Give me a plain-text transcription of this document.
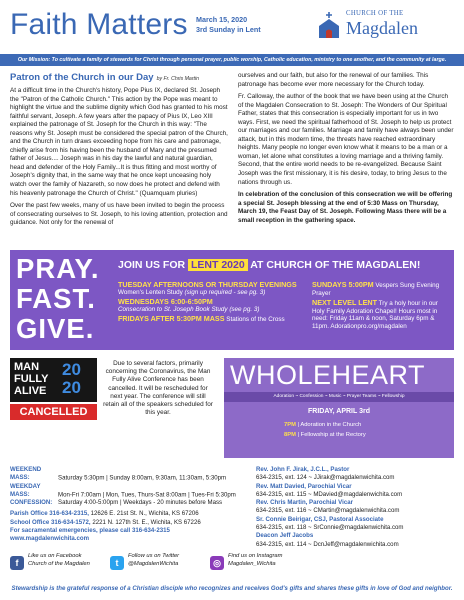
Faith Matters March 15, 2020
3rd Sunday in Lent
CHURCH OF THE
Magdalen
Our Mission: To cultivate a family of stewards for Christ through personal prayer, public worship, Catholic education, ministry to one another, and the community at large.
Patron of the Church in our Day by Fr. Chris Martin

At a difficult time in the Church's history, Pope Pius IX, declared St. Joseph the "Patron of the Catholic Church." This action by the Pope was meant to highlight the virtue and the sublime dignity which God has granted to his most faithful servant, Joseph. A few years after the papacy of Pius IX, Leo XIII explained the patronage of St. Joseph for the Church in this way: "The reasons why St. Joseph must be considered the special patron of the Church, and the Church in turn draws exceeding hope from his care and patronage, chiefly arise from his having been the husband of Mary and the presumed father of Jesus.... Joseph was in his day the lawful and natural guardian, head and defender of the Holy Family...It is thus fitting and most worthy of Joseph's dignity that, in the same way that he once kept unceasing holy watch over the family of Nazareth, so now does he protect and defend with his heavenly patronage the Church of Christ." (Quamquam pluries)

Over the past few weeks, many of us have been invited to begin the process of consecrating ourselves to St. Joseph, to his loving attention, protection and guidance. Not only for the renewal of

ourselves and our faith, but also for the renewal of our families. This patronage has become ever more necessary for the Church today.

Fr. Calloway, the author of the book that we have been using at the Church of the Magdalen Consecration to St. Joseph: The Wonders of Our Spiritual Father, states that this consecration is especially important for us in two ways. First, we need the spiritual fatherhood of St. Joseph to help us protect our marriages and our families. Marriage and family have always been under attack, but in this modern time, the threats have reached extraordinary heights. Many people no longer even know what it means to be a man or a woman, let alone what constitutes a loving marriage and a thriving family. Second, that the entire world needs to be re-evangelized. Because Saint Joseph was the first missionary, it is his desire, today, to bring Jesus to the nations through us.

In celebration of the conclusion of this consecration we will be offering a special St. Joseph blessing at the end of 5:30 Mass on Thursday, March 19, the Feast Day of St. Joseph. Following Mass there will be a small reception in the gathering space.

PRAY.
FAST.
GIVE.
JOIN US FOR LENT 2020 AT CHURCH OF THE MAGDALEN!
TUESDAY AFTERNOONS OR THURSDAY EVENINGS
Women's Lenten Study (sign up required - see pg. 3)
WEDNESDAYS 6:00-6:50PM
Consecration to St. Joseph Book Study (see pg. 3)
FRIDAYS AFTER 5:30PM MASS Stations of the Cross
SUNDAYS 5:00PM Vespers Sung Evening Prayer
NEXT LEVEL LENT Try a holy hour in our Holy Family Adoration Chapel! Hours most in need: Friday 11am & noon, Saturday 6pm & 11pm. Adorationpro.org/magdalen
MAN
FULLY
ALIVE
20
20
CANCELLED
Due to several factors, primarily concerning the Coronavirus, the Man Fully Alive Conference has been cancelled. It will be rescheduled for next year. The conference will still retain all of the speakers scheduled for this year.
WHOLEHEART
Adoration ~ Confession ~ Music ~ Prayer Teams ~ Fellowship
FRIDAY, APRIL 3rd
7PM | Adoration in the Church
8PM | Fellowship at the Rectory
WEEKEND MASS:	Saturday 5:30pm | Sunday 8:00am, 9:30am, 11:30am, 5:30pm
WEEKDAY MASS:	Mon-Fri 7:00am | Mon, Tues, Thurs-Sat 8:00am | Tues-Fri 5:30pm
CONFESSION: Saturday 4:00-5:00pm | Weekdays - 20 minutes before Mass
Parish Office 316-634-2315, 12626 E. 21st St. N., Wichita, KS 67206
School Office 316-634-1572, 2221 N. 127th St. E., Wichita, KS 67226
For sacramental emergencies, please call 316-634-2315
www.magdalenwichita.com
Rev. John F. Jirak, J.C.L., Pastor
634-2315, ext. 124 ~ JJirak@magdalenwichita.com
Rev. Matt Davied, Parochial Vicar
634-2315, ext. 115 ~ MDavied@magdalenwichita.com
Rev. Chris Martin, Parochial Vicar
634-2315, ext. 116 ~ CMartin@magdalenwichita.com
Sr. Connie Beirigar, CSJ, Pastoral Associate
634-2315, ext. 118 ~ SrConnie@magdalenwichita.com
Deacon Jeff Jacobs
634-2315, ext. 114 ~ DcnJeff@magdalenwichita.com
f
Like us on Facebook
Church of the Magdalen	t
Follow us on Twitter
@MagdalenWichita	◎
Find us on Instagram
Magdalen_Wichita
Stewardship is the grateful response of a Christian disciple who recognizes and receives God's gifts and shares these gifts in love of God and neighbor.
